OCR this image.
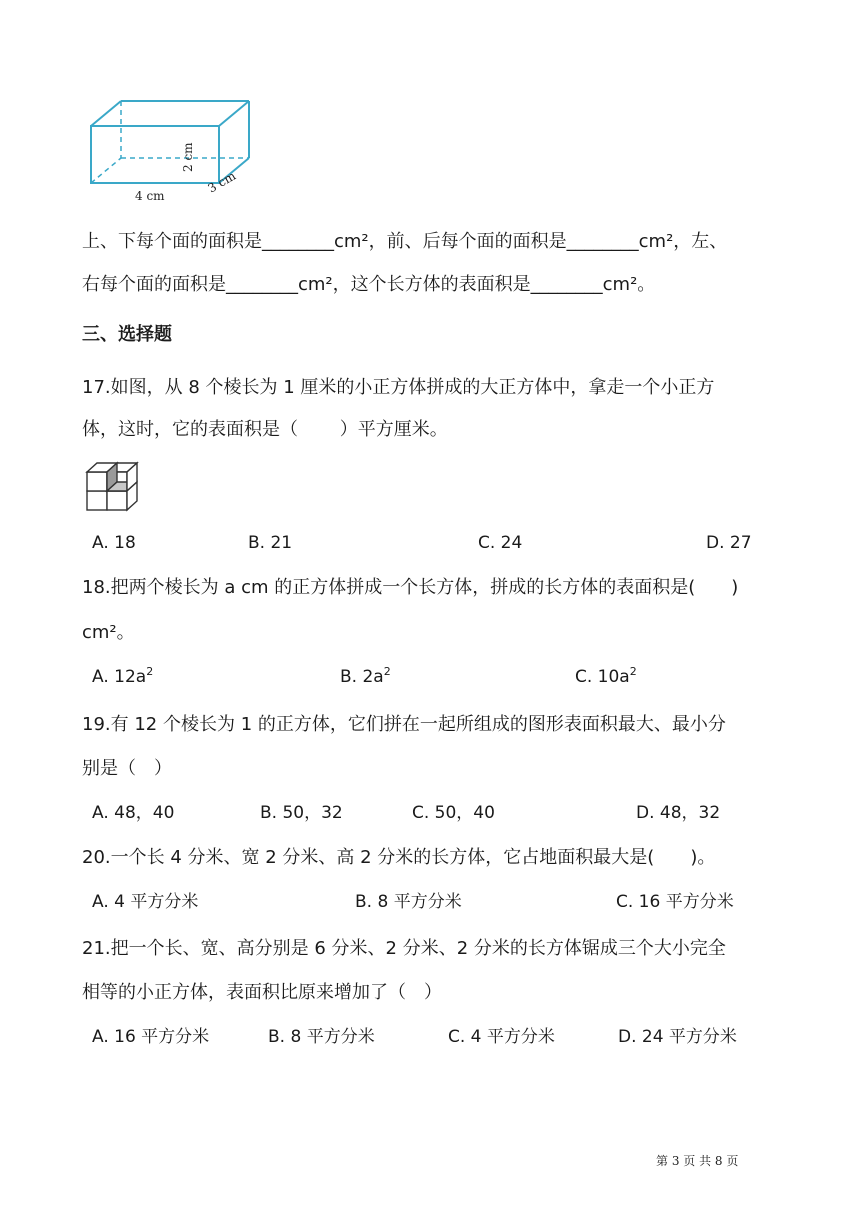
2 cm
3 cm
4 cm
上、下每个面的面积是________cm²，前、后每个面的面积是________cm²，左、
右每个面的面积是________cm²，这个长方体的表面积是________cm²。
三、选择题
17.如图，从 8 个棱长为 1 厘米的小正方体拼成的大正方体中，拿走一个小正方
体，这时，它的表面积是（　　 ）平方厘米。
A. 18	B. 21	C. 24	D. 27
18.把两个棱长为 a cm 的正方体拼成一个长方体，拼成的长方体的表面积是(　　)
cm²。
A. $12a^2$	B. $2a^2$	C. $10a^2$
19.有 12 个棱长为 1 的正方体，它们拼在一起所组成的图形表面积最大、最小分
别是（　）
A. 48，40	B. 50，32	C. 50，40	D. 48，32
20.一个长 4 分米、宽 2 分米、高 2 分米的长方体，它占地面积最大是(　　)。
A. 4 平方分米	B. 8 平方分米	C. 16 平方分米
21.把一个长、宽、高分别是 6 分米、2 分米、2 分米的长方体锯成三个大小完全
相等的小正方体，表面积比原来增加了（　）
A. 16 平方分米	B. 8 平方分米	C. 4 平方分米	D. 24 平方分米
第 3 页 共 8 页
